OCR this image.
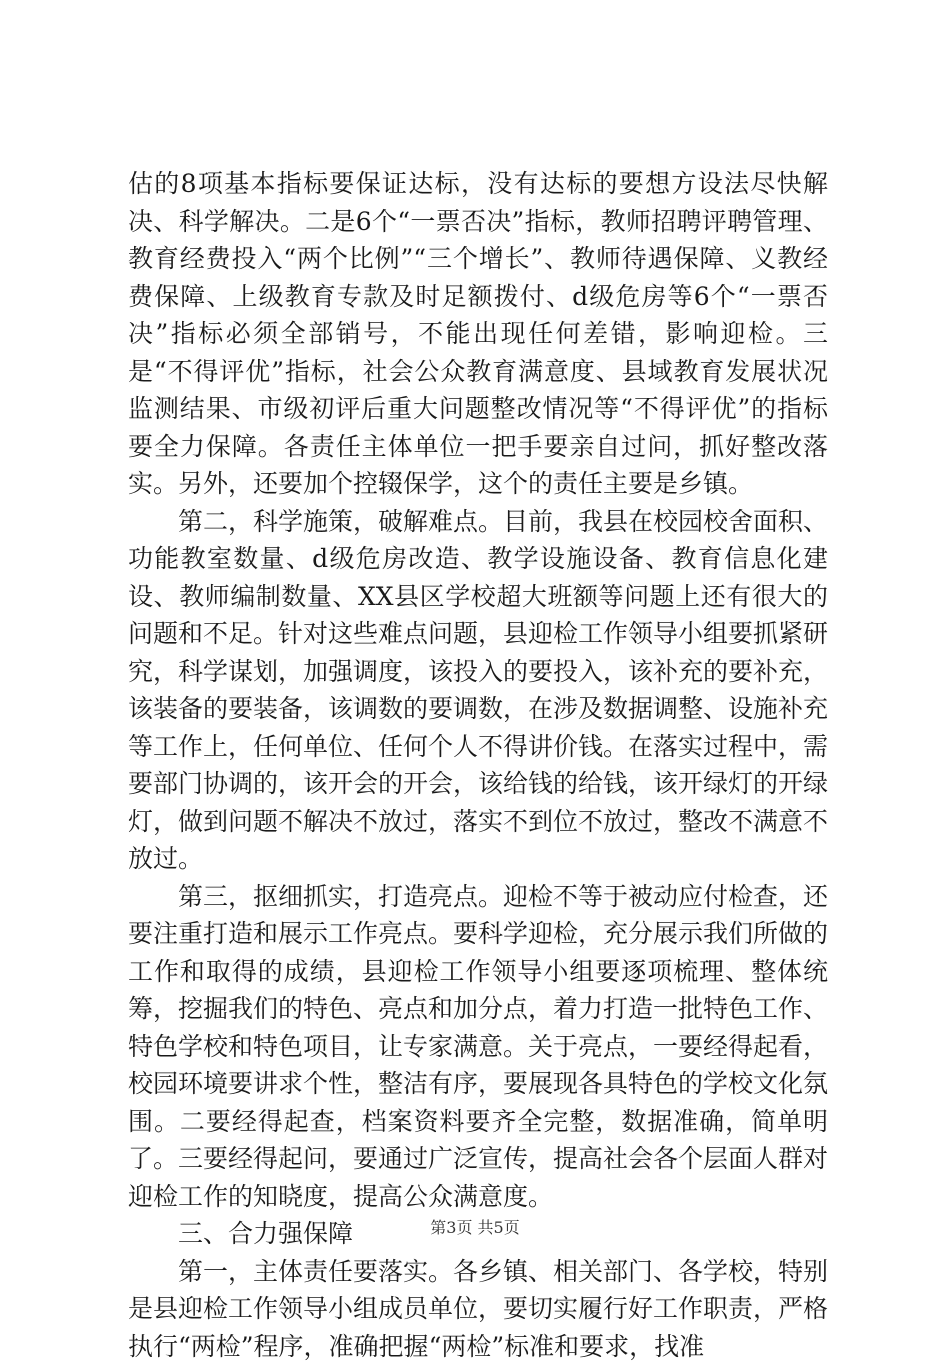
估的8项基本指标要保证达标，没有达标的要想方设法尽快解决、科学解决。二是6个“一票否决”指标，教师招聘评聘管理、教育经费投入“两个比例”“三个增长”、教师待遇保障、义教经费保障、上级教育专款及时足额拨付、d级危房等6个“一票否决”指标必须全部销号，不能出现任何差错，影响迎检。三是“不得评优”指标，社会公众教育满意度、县域教育发展状况监测结果、市级初评后重大问题整改情况等“不得评优”的指标要全力保障。各责任主体单位一把手要亲自过问，抓好整改落实。另外，还要加个控辍保学，这个的责任主要是乡镇。

第二，科学施策，破解难点。目前，我县在校园校舍面积、功能教室数量、d级危房改造、教学设施设备、教育信息化建设、教师编制数量、XX县区学校超大班额等问题上还有很大的问题和不足。针对这些难点问题，县迎检工作领导小组要抓紧研究，科学谋划，加强调度，该投入的要投入，该补充的要补充，该装备的要装备，该调数的要调数，在涉及数据调整、设施补充等工作上，任何单位、任何个人不得讲价钱。在落实过程中，需要部门协调的，该开会的开会，该给钱的给钱，该开绿灯的开绿灯，做到问题不解决不放过，落实不到位不放过，整改不满意不放过。

第三，抠细抓实，打造亮点。迎检不等于被动应付检查，还要注重打造和展示工作亮点。要科学迎检，充分展示我们所做的工作和取得的成绩，县迎检工作领导小组要逐项梳理、整体统筹，挖掘我们的特色、亮点和加分点，着力打造一批特色工作、特色学校和特色项目，让专家满意。关于亮点，一要经得起看，校园环境要讲求个性，整洁有序，要展现各具特色的学校文化氛围。二要经得起查，档案资料要齐全完整，数据准确，简单明了。三要经得起问，要通过广泛宣传，提高社会各个层面人群对迎检工作的知晓度，提高公众满意度。

三、合力强保障

第一，主体责任要落实。各乡镇、相关部门、各学校，特别是县迎检工作领导小组成员单位，要切实履行好工作职责，严格执行“两检”程序，准确把握“两检”标准和要求，找准

第3页 共5页
